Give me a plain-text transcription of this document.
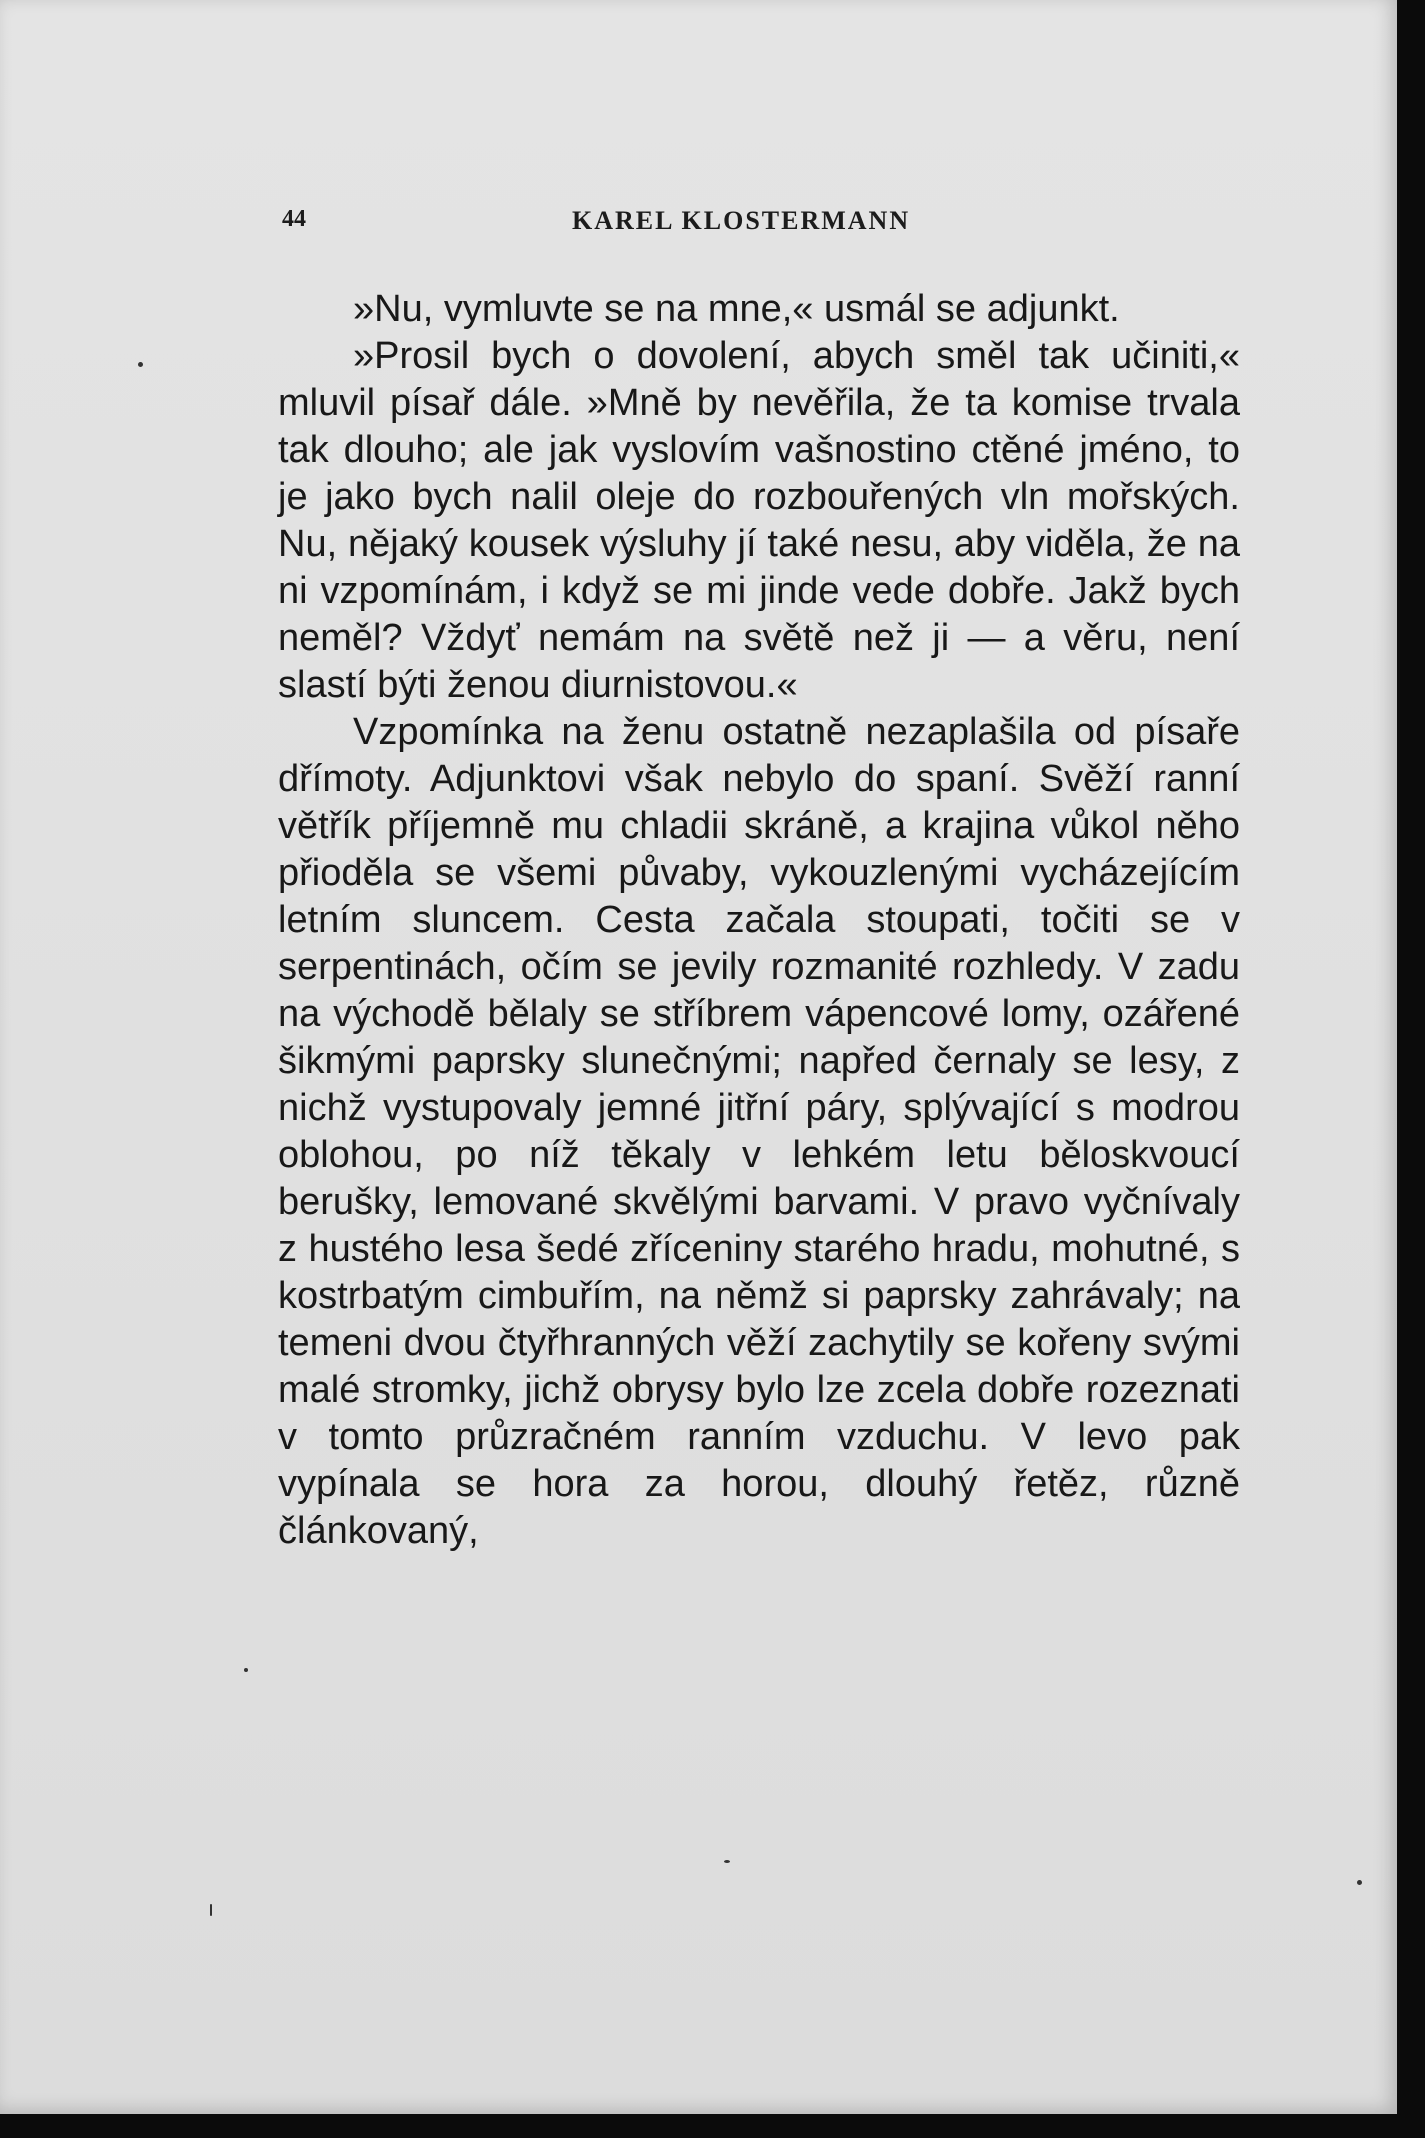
44	KAREL KLOSTERMANN

»Nu, vymluvte se na mne,« usmál se adjunkt.

»Prosil bych o dovolení, abych směl tak učiniti,« mluvil písař dále. »Mně by nevěřila, že ta komise trvala tak dlouho; ale jak vyslovím vašnostino ctěné jméno, to je jako bych nalil oleje do rozbouřených vln mořských. Nu, nějaký kousek výsluhy jí také nesu, aby viděla, že na ni vzpomínám, i když se mi jinde vede dobře. Jakž bych neměl? Vždyť nemám na světě než ji — a věru, není slastí býti ženou diurnistovou.«

Vzpomínka na ženu ostatně nezaplašila od písaře dřímoty. Adjunktovi však nebylo do spaní. Svěží ranní větřík příjemně mu chladii skráně, a krajina vůkol něho přioděla se všemi půvaby, vykouzlenými vycházejícím letním sluncem. Cesta začala stoupati, točiti se v serpentinách, očím se jevily rozmanité rozhledy. V zadu na východě bělaly se stříbrem vápencové lomy, ozářené šikmými paprsky slunečnými; napřed černaly se lesy, z nichž vystupovaly jemné jitřní páry, splývající s modrou oblohou, po níž těkaly v lehkém letu běloskvoucí berušky, lemované skvělými barvami. V pravo vyčnívaly z hustého lesa šedé zříceniny starého hradu, mohutné, s kostrbatým cimbuřím, na němž si paprsky zahrávaly; na temeni dvou čtyřhranných věží zachytily se kořeny svými malé stromky, jichž obrysy bylo lze zcela dobře rozeznati v tomto průzračném ranním vzduchu. V levo pak vypínala se hora za horou, dlouhý řetěz, různě článkovaný,
